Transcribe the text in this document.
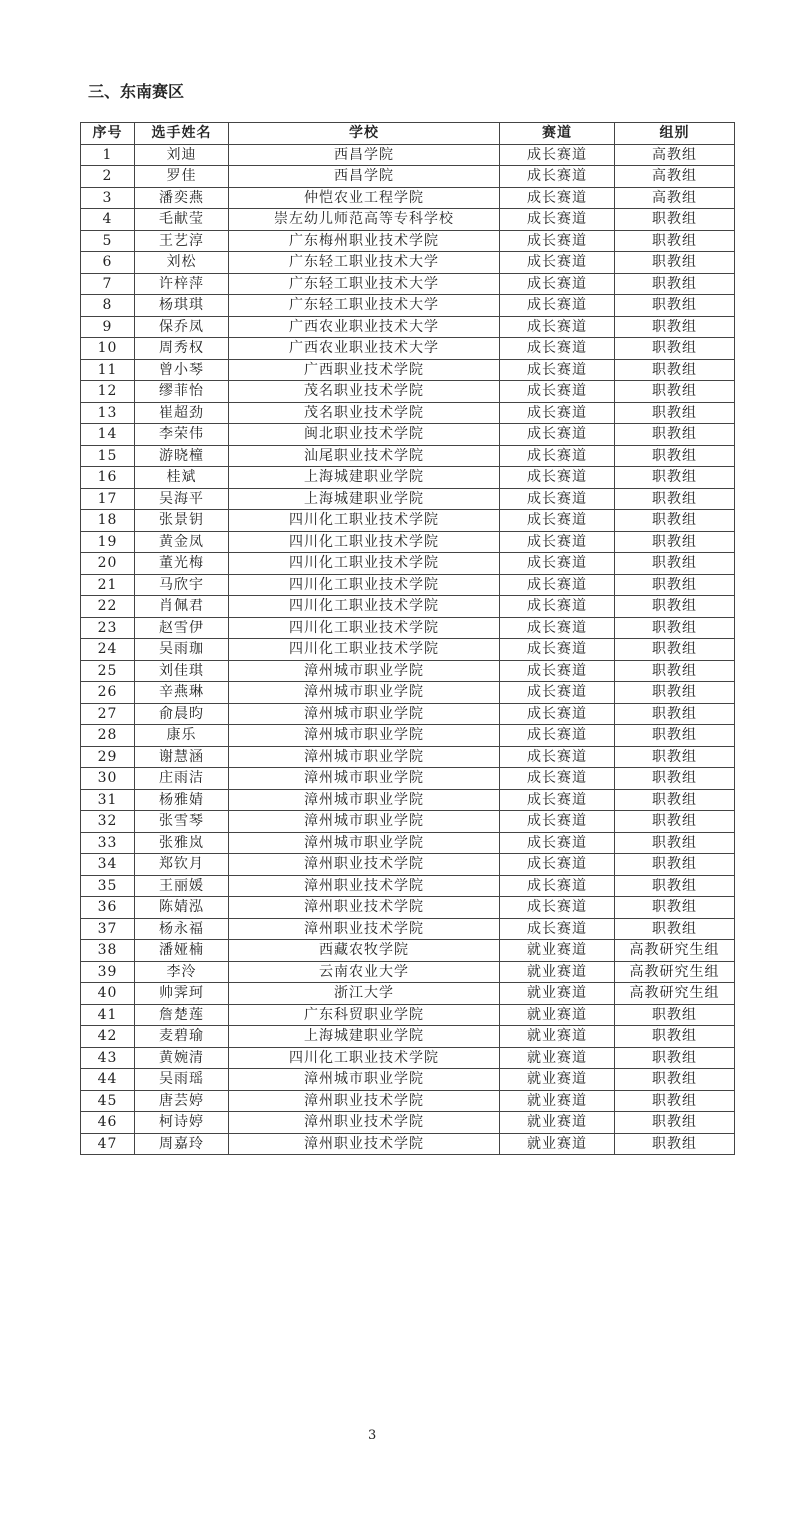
三、东南赛区
序号	选手姓名	学校	赛道	组别
1	刘迪	西昌学院	成长赛道	高教组
2	罗佳	西昌学院	成长赛道	高教组
3	潘奕燕	仲恺农业工程学院	成长赛道	高教组
4	毛献莹	崇左幼儿师范高等专科学校	成长赛道	职教组
5	王艺淳	广东梅州职业技术学院	成长赛道	职教组
6	刘松	广东轻工职业技术大学	成长赛道	职教组
7	许梓萍	广东轻工职业技术大学	成长赛道	职教组
8	杨琪琪	广东轻工职业技术大学	成长赛道	职教组
9	保乔凤	广西农业职业技术大学	成长赛道	职教组
10	周秀权	广西农业职业技术大学	成长赛道	职教组
11	曾小琴	广西职业技术学院	成长赛道	职教组
12	缪菲怡	茂名职业技术学院	成长赛道	职教组
13	崔超劲	茂名职业技术学院	成长赛道	职教组
14	李荣伟	闽北职业技术学院	成长赛道	职教组
15	游晓橦	汕尾职业技术学院	成长赛道	职教组
16	桂斌	上海城建职业学院	成长赛道	职教组
17	吴海平	上海城建职业学院	成长赛道	职教组
18	张景钥	四川化工职业技术学院	成长赛道	职教组
19	黄金凤	四川化工职业技术学院	成长赛道	职教组
20	董光梅	四川化工职业技术学院	成长赛道	职教组
21	马欣宇	四川化工职业技术学院	成长赛道	职教组
22	肖佩君	四川化工职业技术学院	成长赛道	职教组
23	赵雪伊	四川化工职业技术学院	成长赛道	职教组
24	吴雨珈	四川化工职业技术学院	成长赛道	职教组
25	刘佳琪	漳州城市职业学院	成长赛道	职教组
26	辛燕琳	漳州城市职业学院	成长赛道	职教组
27	俞晨昀	漳州城市职业学院	成长赛道	职教组
28	康乐	漳州城市职业学院	成长赛道	职教组
29	谢慧涵	漳州城市职业学院	成长赛道	职教组
30	庄雨洁	漳州城市职业学院	成长赛道	职教组
31	杨雅婧	漳州城市职业学院	成长赛道	职教组
32	张雪琴	漳州城市职业学院	成长赛道	职教组
33	张雅岚	漳州城市职业学院	成长赛道	职教组
34	郑钦月	漳州职业技术学院	成长赛道	职教组
35	王丽媛	漳州职业技术学院	成长赛道	职教组
36	陈婧泓	漳州职业技术学院	成长赛道	职教组
37	杨永福	漳州职业技术学院	成长赛道	职教组
38	潘娅楠	西藏农牧学院	就业赛道	高教研究生组
39	李泠	云南农业大学	就业赛道	高教研究生组
40	帅霁珂	浙江大学	就业赛道	高教研究生组
41	詹楚莲	广东科贸职业学院	就业赛道	职教组
42	麦碧瑜	上海城建职业学院	就业赛道	职教组
43	黄婉清	四川化工职业技术学院	就业赛道	职教组
44	吴雨瑶	漳州城市职业学院	就业赛道	职教组
45	唐芸婷	漳州职业技术学院	就业赛道	职教组
46	柯诗婷	漳州职业技术学院	就业赛道	职教组
47	周嘉玲	漳州职业技术学院	就业赛道	职教组
3
